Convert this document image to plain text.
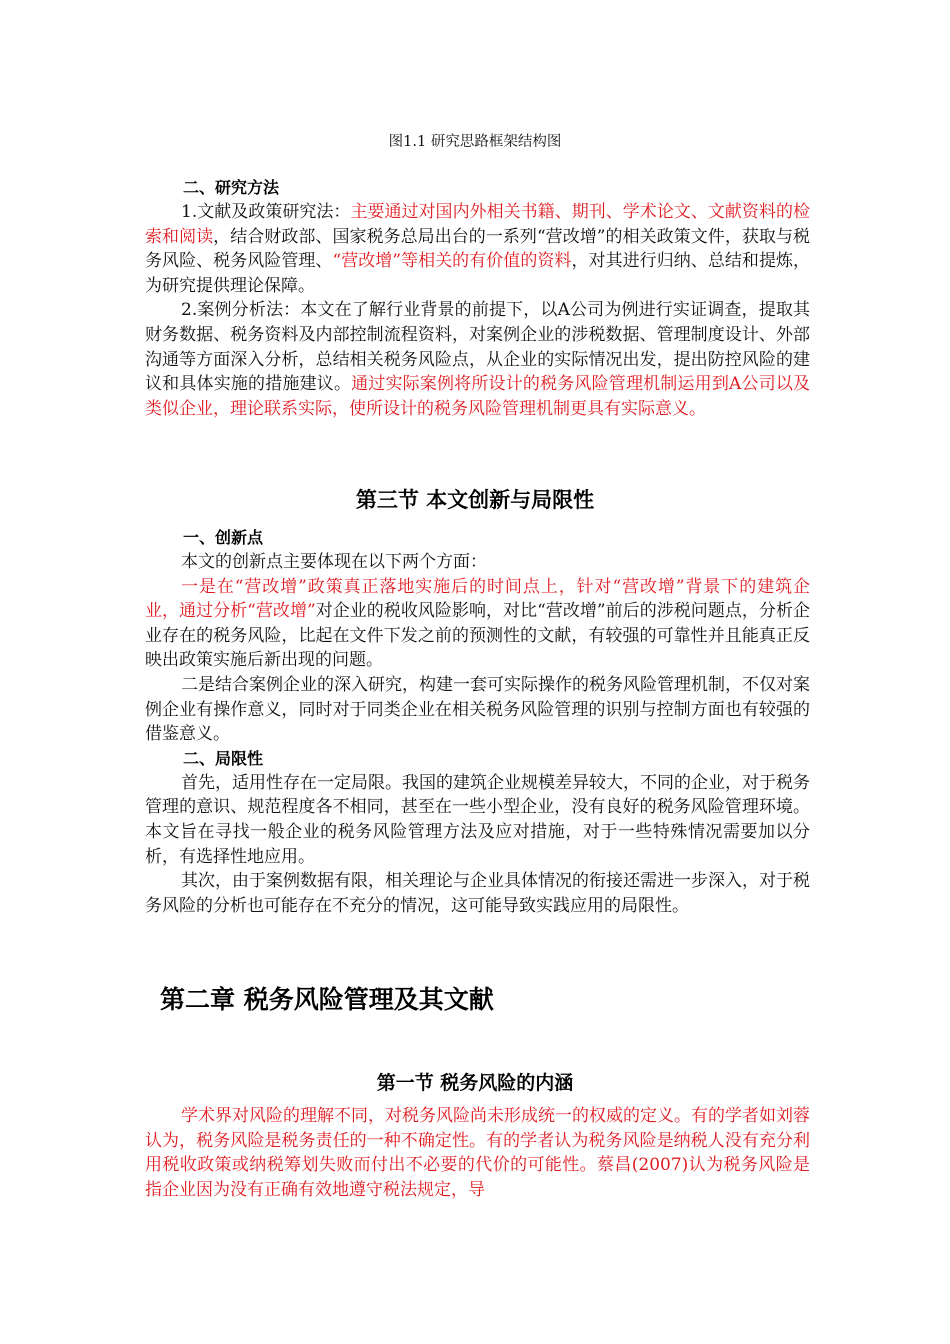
图1.1 研究思路框架结构图

二、研究方法

1.文献及政策研究法：主要通过对国内外相关书籍、期刊、学术论文、文献资料的检索和阅读，结合财政部、国家税务总局出台的一系列“营改增”的相关政策文件，获取与税务风险、税务风险管理、“营改增”等相关的有价值的资料，对其进行归纳、总结和提炼，为研究提供理论保障。

2.案例分析法：本文在了解行业背景的前提下，以A公司为例进行实证调查，提取其财务数据、税务资料及内部控制流程资料，对案例企业的涉税数据、管理制度设计、外部沟通等方面深入分析，总结相关税务风险点，从企业的实际情况出发，提出防控风险的建议和具体实施的措施建议。通过实际案例将所设计的税务风险管理机制运用到A公司以及类似企业，理论联系实际，使所设计的税务风险管理机制更具有实际意义。

第三节 本文创新与局限性

一、创新点

本文的创新点主要体现在以下两个方面：

一是在“营改增”政策真正落地实施后的时间点上，针对“营改增”背景下的建筑企业，通过分析“营改增”对企业的税收风险影响，对比“营改增”前后的涉税问题点，分析企业存在的税务风险，比起在文件下发之前的预测性的文献，有较强的可靠性并且能真正反映出政策实施后新出现的问题。

二是结合案例企业的深入研究，构建一套可实际操作的税务风险管理机制，不仅对案例企业有操作意义，同时对于同类企业在相关税务风险管理的识别与控制方面也有较强的借鉴意义。

二、局限性

首先，适用性存在一定局限。我国的建筑企业规模差异较大，不同的企业，对于税务管理的意识、规范程度各不相同，甚至在一些小型企业，没有良好的税务风险管理环境。本文旨在寻找一般企业的税务风险管理方法及应对措施，对于一些特殊情况需要加以分析，有选择性地应用。

其次，由于案例数据有限，相关理论与企业具体情况的衔接还需进一步深入，对于税务风险的分析也可能存在不充分的情况，这可能导致实践应用的局限性。

第二章 税务风险管理及其文献
第一节 税务风险的内涵

学术界对风险的理解不同，对税务风险尚未形成统一的权威的定义。有的学者如刘蓉认为，税务风险是税务责任的一种不确定性。有的学者认为税务风险是纳税人没有充分利用税收政策或纳税筹划失败而付出不必要的代价的可能性。蔡昌(2007)认为税务风险是指企业因为没有正确有效地遵守税法规定，导
